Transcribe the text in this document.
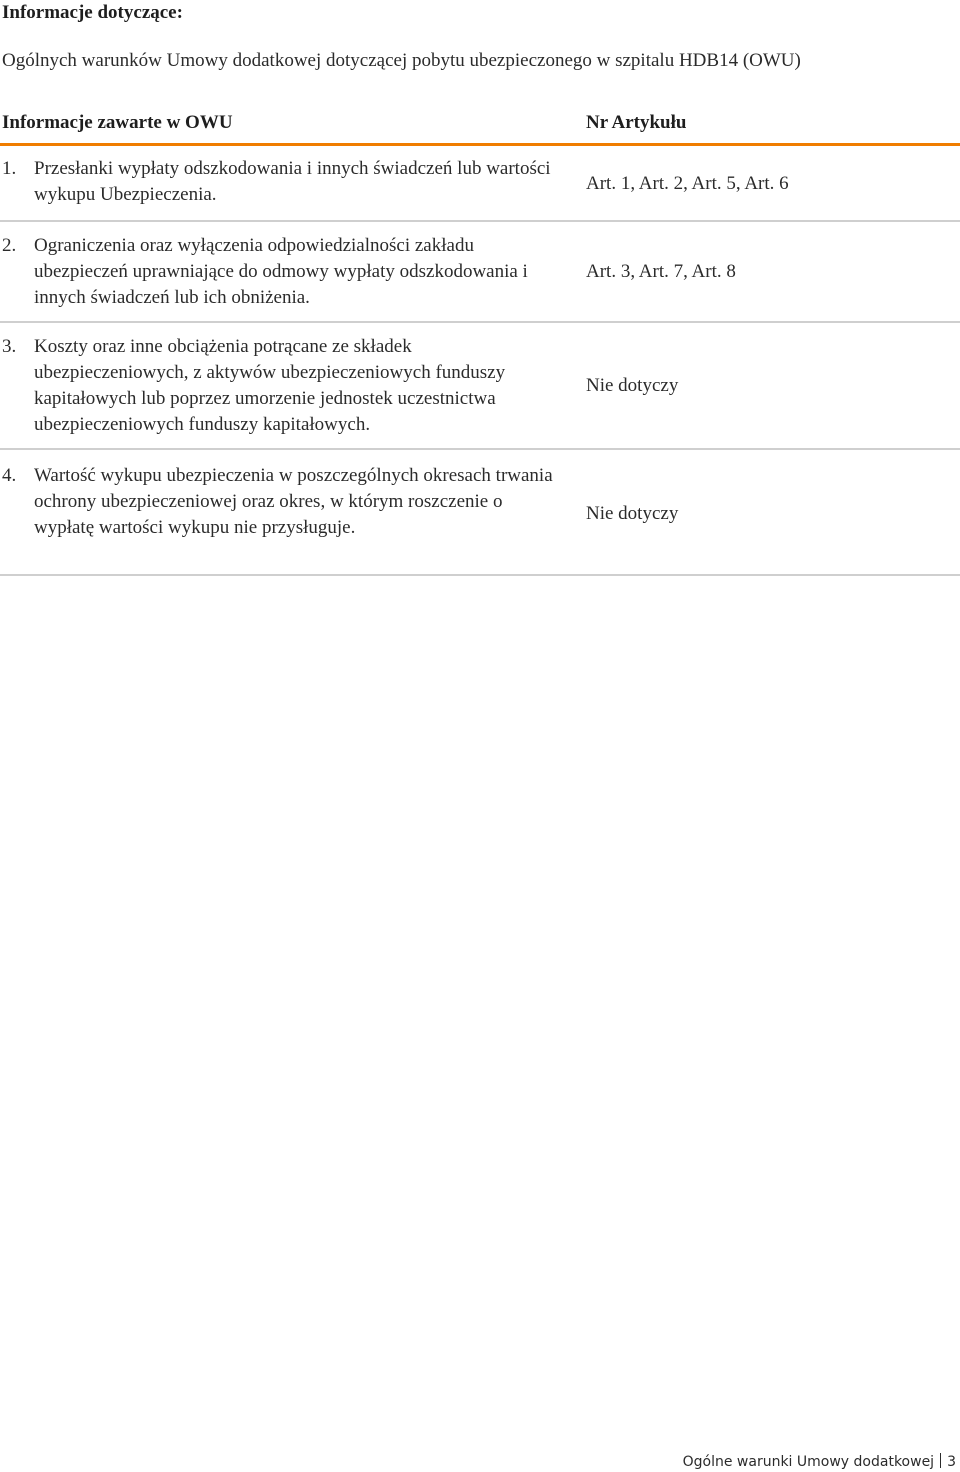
Informacje dotyczące:

Ogólnych warunków Umowy dodatkowej dotyczącej pobytu ubezpieczonego w szpitalu HDB14 (OWU)

Informacje zawarte w OWU	Nr Artykułu
1. Przesłanki wypłaty odszkodowania i innych świadczeń lub wartości wykupu Ubezpieczenia.
Art. 1, Art. 2, Art. 5, Art. 6
2. Ograniczenia oraz wyłączenia odpowiedzialności zakładu ubezpieczeń uprawniające do odmowy wypłaty odszkodowania i innych świadczeń lub ich obniżenia.
Art. 3, Art. 7, Art. 8
3. Koszty oraz inne obciążenia potrącane ze składek ubezpieczeniowych, z aktywów ubezpieczeniowych funduszy kapitałowych lub poprzez umorzenie jednostek uczestnictwa ubezpieczeniowych funduszy kapitałowych.
Nie dotyczy
4. Wartość wykupu ubezpieczenia w poszczególnych okresach trwania ochrony ubezpieczeniowej oraz okres, w którym roszczenie o wypłatę wartości wykupu nie przysługuje.
Nie dotyczy
Ogólne warunki Umowy dodatkowej 3
